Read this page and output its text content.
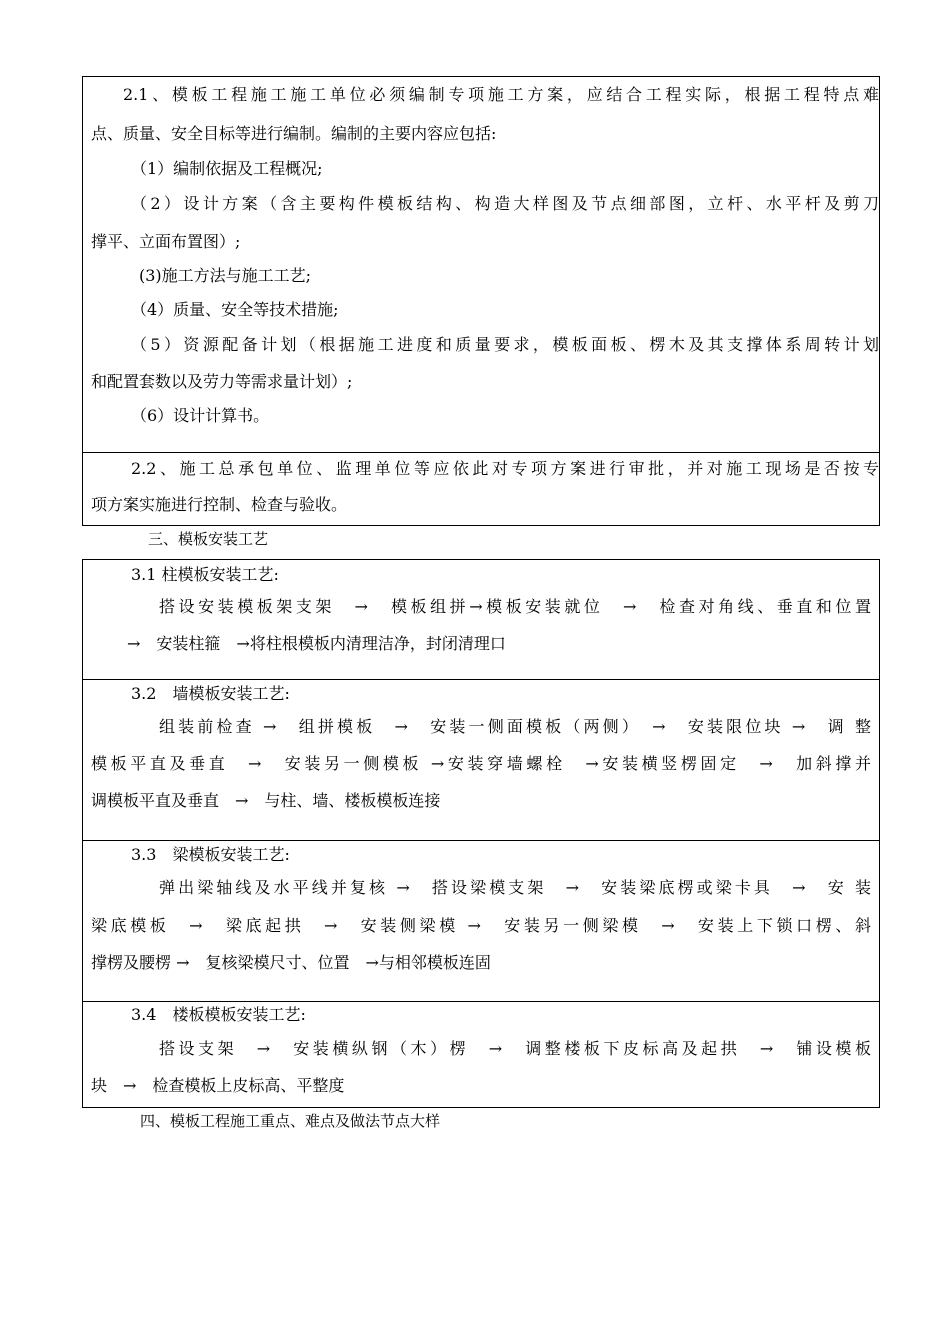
2.1、模板工程施工施工单位必须编制专项施工方案，应结合工程实际，根据工程特点难
点、质量、安全目标等进行编制。编制的主要内容应包括:
（1）编制依据及工程概况;
（2）设计方案（含主要构件模板结构、构造大样图及节点细部图，立杆、水平杆及剪刀
撑平、立面布置图）;
(3)施工方法与施工工艺;
（4）质量、安全等技术措施;
（5）资源配备计划（根据施工进度和质量要求，模板面板、楞木及其支撑体系周转计划
和配置套数以及劳力等需求量计划）;
（6）设计计算书。
2.2、施工总承包单位、监理单位等应依此对专项方案进行审批，并对施工现场是否按专
项方案实施进行控制、检查与验收。
三、模板安装工艺
3.1 柱模板安装工艺:
搭设安装模板架支架　→　模板组拼→模板安装就位　→　检查对角线、垂直和位置
→　安装柱箍　→将柱根模板内清理洁净，封闭清理口
3.2　墙模板安装工艺:
组装前检查 →　组拼模板　→　安装一侧面模板（两侧）　→　安装限位块 →　调 整
模板平直及垂直　→　安装另一侧模板 →安装穿墙螺栓　→安装横竖楞固定　→　加斜撑并
调模板平直及垂直　→　与柱、墙、楼板模板连接
3.3　梁模板安装工艺:
弹出梁轴线及水平线并复核 →　搭设梁模支架　→　安装梁底楞或梁卡具　→　安 装
梁底模板　→　梁底起拱　→　安装侧梁模 →　安装另一侧梁模　→　安装上下锁口楞、斜
撑楞及腰楞 →　复核梁模尺寸、位置　→与相邻模板连固
3.4　楼板模板安装工艺:
搭设支架　→　安装横纵钢（木）楞　→　调整楼板下皮标高及起拱　→　铺设模板
块　→　检查模板上皮标高、平整度
四、模板工程施工重点、难点及做法节点大样
